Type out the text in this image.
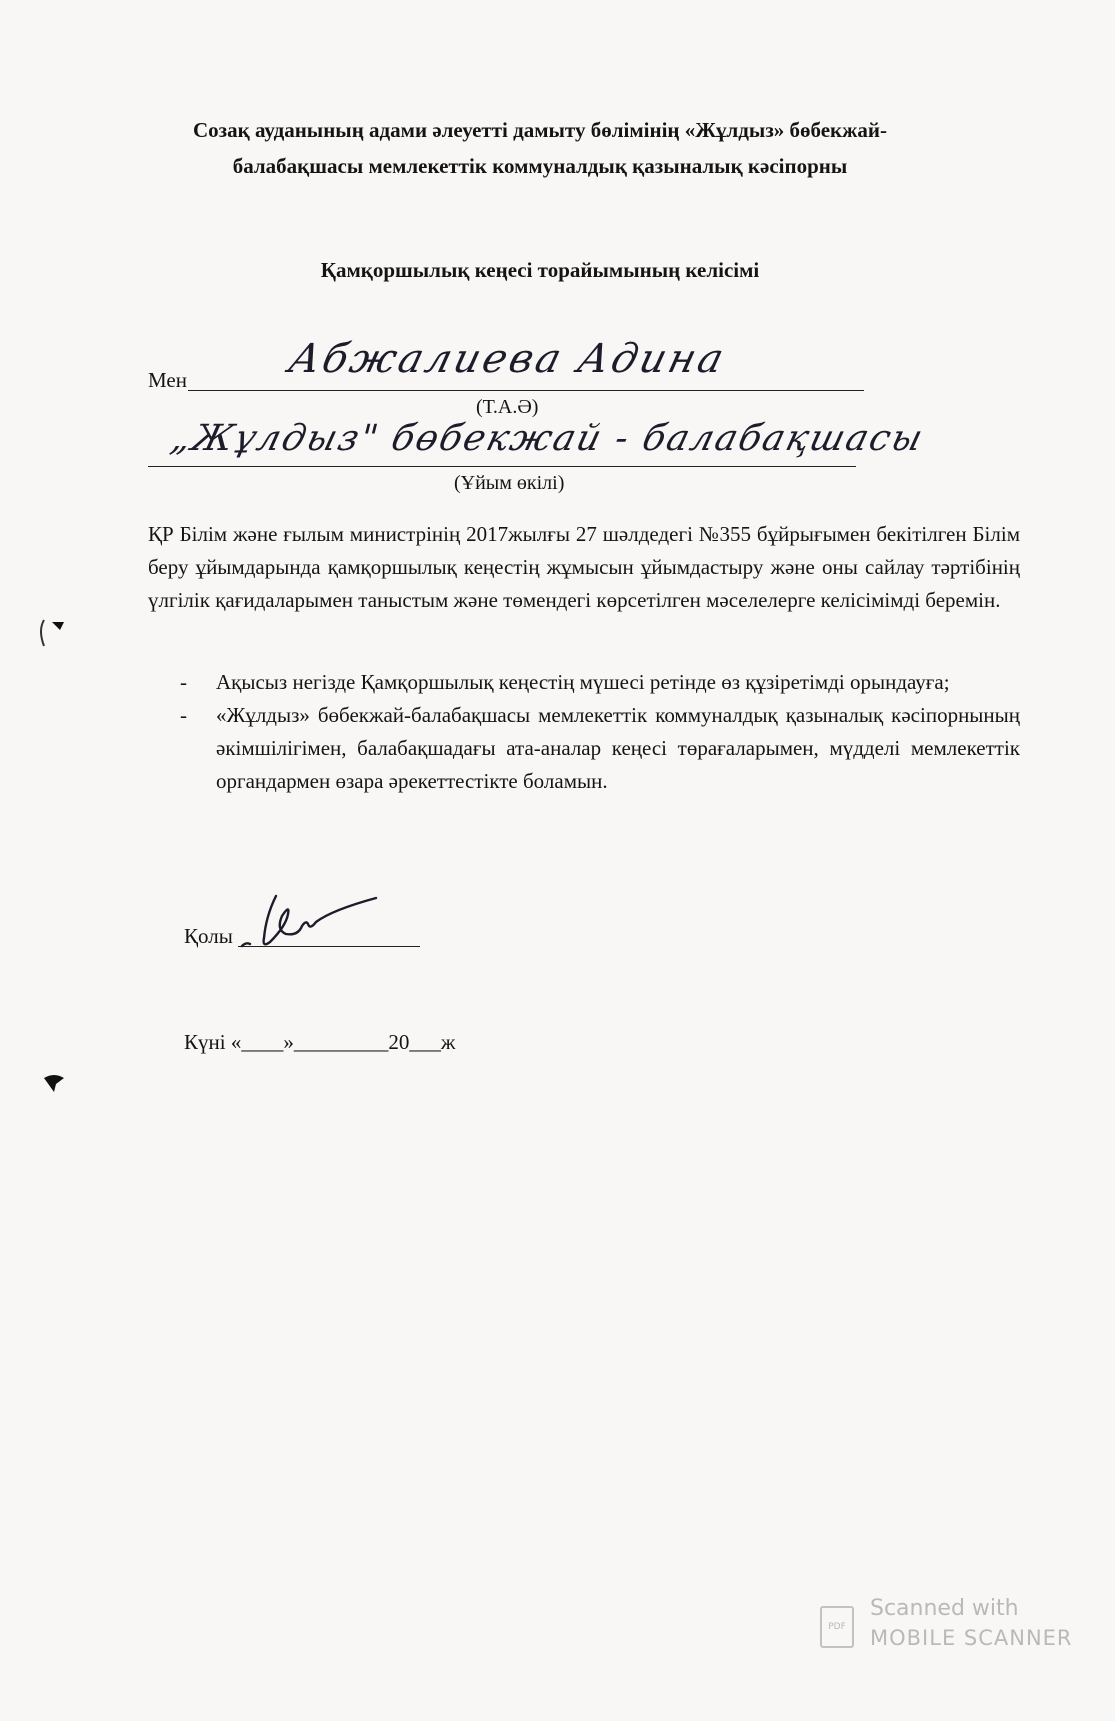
Созақ ауданының адами әлеуетті дамыту бөлімінің «Жұлдыз» бөбекжай-
балабақшасы мемлекеттік коммуналдық қазыналық кәсіпорны
Қамқоршылық кеңесі торайымының келісімі
Мен Абжалиева Адина
(Т.А.Ә)
„Жұлдыз" бөбекжай - балабақшасы
(Ұйым өкілі)
ҚР Білім және ғылым министрінің 2017жылғы 27 шәлдедегі №355 бұйрығымен бекітілген Білім беру ұйымдарында қамқоршылық кеңестің жұмысын ұйымдастыру және оны сайлау тәртібінің үлгілік қағидаларымен таныстым және төмендегі көрсетілген мәселелерге келісімімді беремін.
- Ақысыз негізде Қамқоршылық кеңестің мүшесі ретінде өз құзіретімді орындауға;
- «Жұлдыз» бөбекжай-балабақшасы мемлекеттік коммуналдық қазыналық кәсіпорнының әкімшілігімен, балабақшадағы ата-аналар кеңесі төрағаларымен, мүдделі мемлекеттік органдармен өзара әрекеттестікте боламын.
Қолы
Күні «____»_________20___ж
PDF
Scanned with
MOBILE SCANNER
